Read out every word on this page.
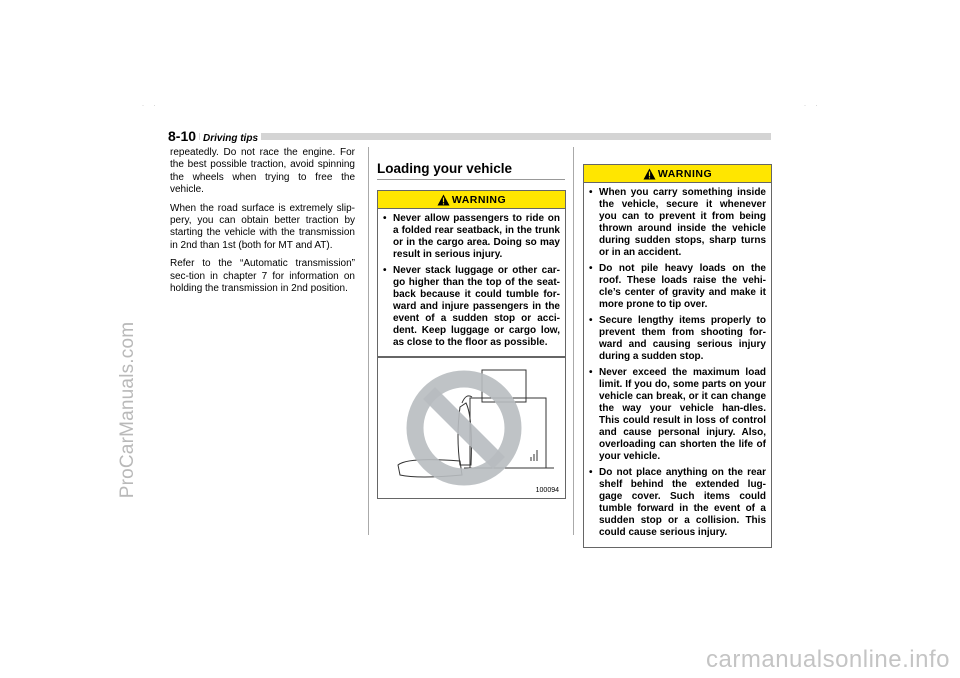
ProCarManuals.com
· ·	· ·
8-10 Driving tips

repeatedly. Do not race the engine. For the best possible traction, avoid spinning the wheels when trying to free the vehicle.

When the road surface is extremely slip-pery, you can obtain better traction by starting the vehicle with the transmission in 2nd than 1st (both for MT and AT).

Refer to the “Automatic transmission” sec-tion in chapter 7 for information on holding the transmission in 2nd position.

Loading your vehicle
WARNING
• Never allow passengers to ride on a folded rear seatback, in the trunk or in the cargo area. Doing so may result in serious injury.
• Never stack luggage or other car-go higher than the top of the seat-back because it could tumble for-ward and injure passengers in the event of a sudden stop or acci-dent. Keep luggage or cargo low, as close to the floor as possible.
100094
WARNING
• When you carry something inside the vehicle, secure it whenever you can to prevent it from being thrown around inside the vehicle during sudden stops, sharp turns or in an accident.
• Do not pile heavy loads on the roof. These loads raise the vehi-cle’s center of gravity and make it more prone to tip over.
• Secure lengthy items properly to prevent them from shooting for-ward and causing serious injury during a sudden stop.
• Never exceed the maximum load limit. If you do, some parts on your vehicle can break, or it can change the way your vehicle han-dles. This could result in loss of control and cause personal injury. Also, overloading can shorten the life of your vehicle.
• Do not place anything on the rear shelf behind the extended lug-gage cover. Such items could tumble forward in the event of a sudden stop or a collision. This could cause serious injury.
carmanualsonline.info
